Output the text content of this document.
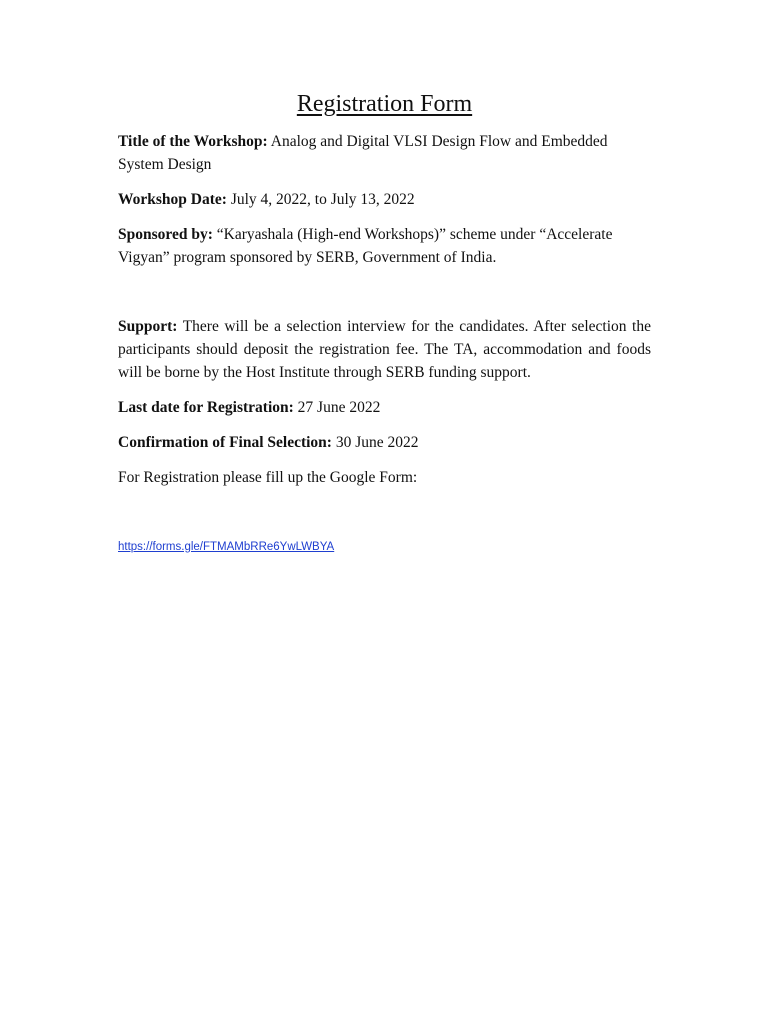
Registration Form

Title of the Workshop: Analog and Digital VLSI Design Flow and Embedded System Design

Workshop Date: July 4, 2022, to July 13, 2022

Sponsored by: “Karyashala (High-end Workshops)” scheme under “Accelerate Vigyan” program sponsored by SERB, Government of India.

Support: There will be a selection interview for the candidates. After selection the participants should deposit the registration fee. The TA, accommodation and foods will be borne by the Host Institute through SERB funding support.

Last date for Registration: 27 June 2022

Confirmation of Final Selection: 30 June 2022

For Registration please fill up the Google Form:

https://forms.gle/FTMAMbRRe6YwLWBYA
